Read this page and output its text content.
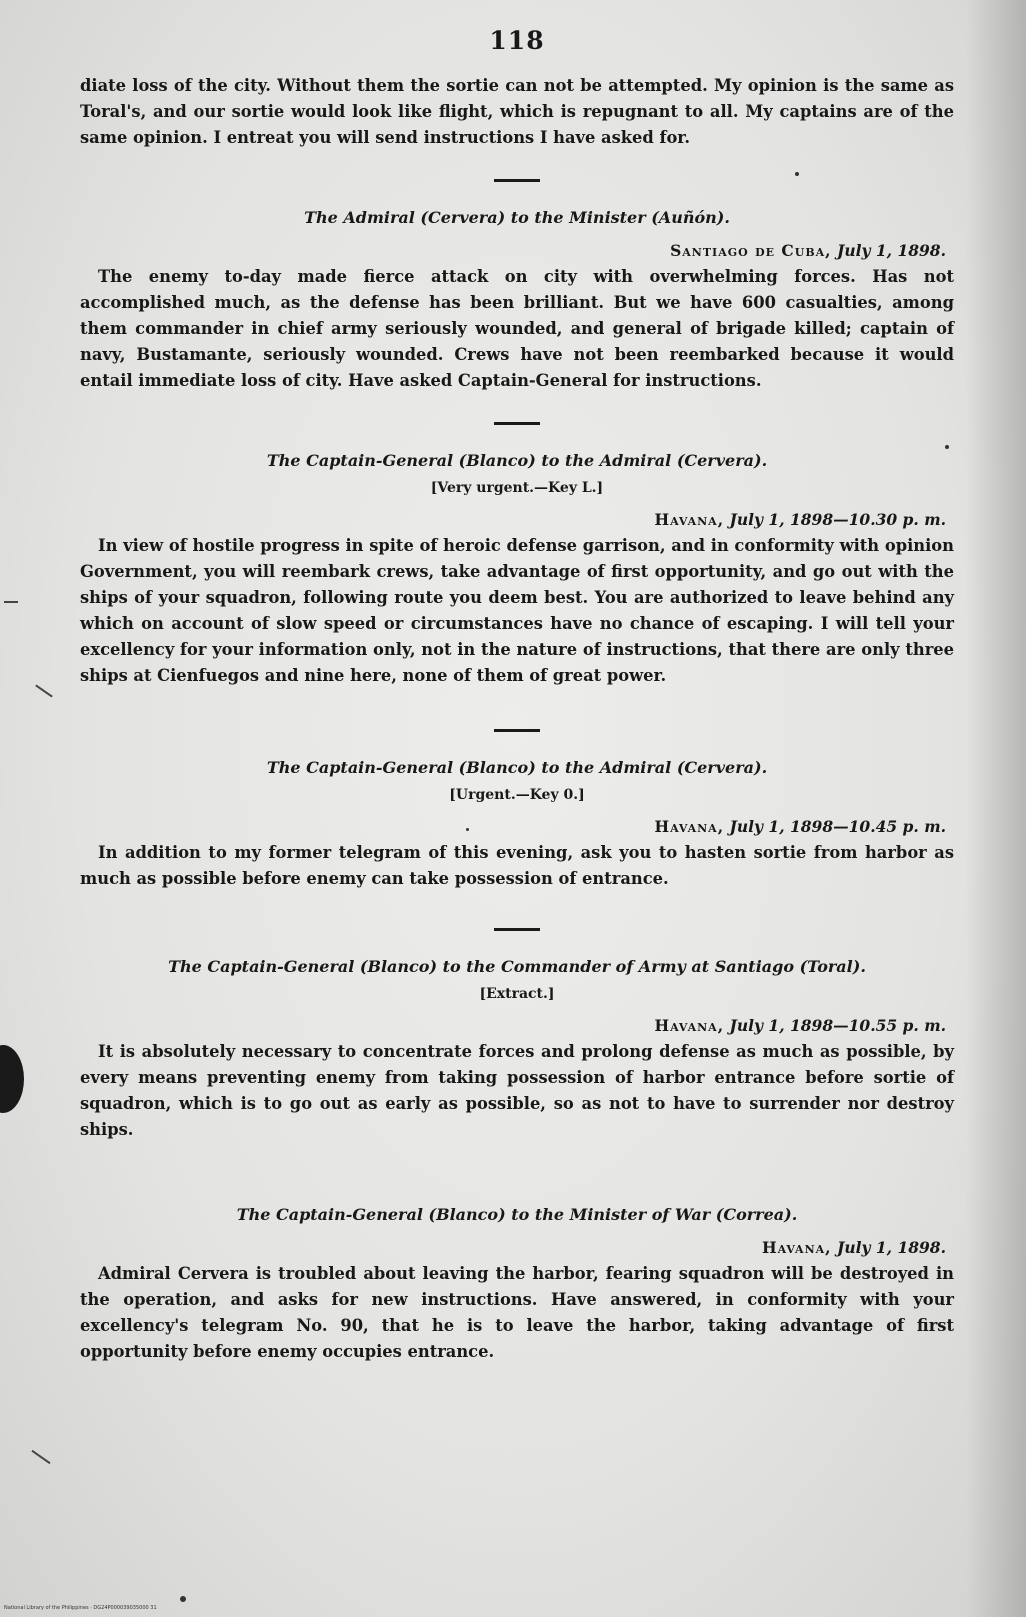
118

diate loss of the city. Without them the sortie can not be attempted. My opinion is the same as Toral's, and our sortie would look like flight, which is repugnant to all. My captains are of the same opinion. I entreat you will send instructions I have asked for.

The Admiral (Cervera) to the Minister (Auñón).
Santiago de Cuba, July 1, 1898.

The enemy to-day made fierce attack on city with overwhelming forces. Has not accomplished much, as the defense has been brilliant. But we have 600 casualties, among them commander in chief army seriously wounded, and general of brigade killed; captain of navy, Bustamante, seriously wounded. Crews have not been reembarked because it would entail immediate loss of city. Have asked Captain-General for instructions.

The Captain-General (Blanco) to the Admiral (Cervera).
[Very urgent.—Key L.]
Havana, July 1, 1898—10.30 p. m.

In view of hostile progress in spite of heroic defense garrison, and in conformity with opinion Government, you will reembark crews, take advantage of first opportunity, and go out with the ships of your squadron, following route you deem best. You are authorized to leave behind any which on account of slow speed or circumstances have no chance of escaping. I will tell your excellency for your information only, not in the nature of instructions, that there are only three ships at Cienfuegos and nine here, none of them of great power.

The Captain-General (Blanco) to the Admiral (Cervera).
[Urgent.—Key 0.]
Havana, July 1, 1898—10.45 p. m.

In addition to my former telegram of this evening, ask you to hasten sortie from harbor as much as possible before enemy can take possession of entrance.

The Captain-General (Blanco) to the Commander of Army at Santiago (Toral).
[Extract.]
Havana, July 1, 1898—10.55 p. m.

It is absolutely necessary to concentrate forces and prolong defense as much as possible, by every means preventing enemy from taking possession of harbor entrance before sortie of squadron, which is to go out as early as possible, so as not to have to surrender nor destroy ships.

The Captain-General (Blanco) to the Minister of War (Correa).
Havana, July 1, 1898.

Admiral Cervera is troubled about leaving the harbor, fearing squadron will be destroyed in the operation, and asks for new instructions. Have answered, in conformity with your excellency's telegram No. 90, that he is to leave the harbor, taking advantage of first opportunity before enemy occupies entrance.

National Library of the Philippines · DG24P000039035000 31
